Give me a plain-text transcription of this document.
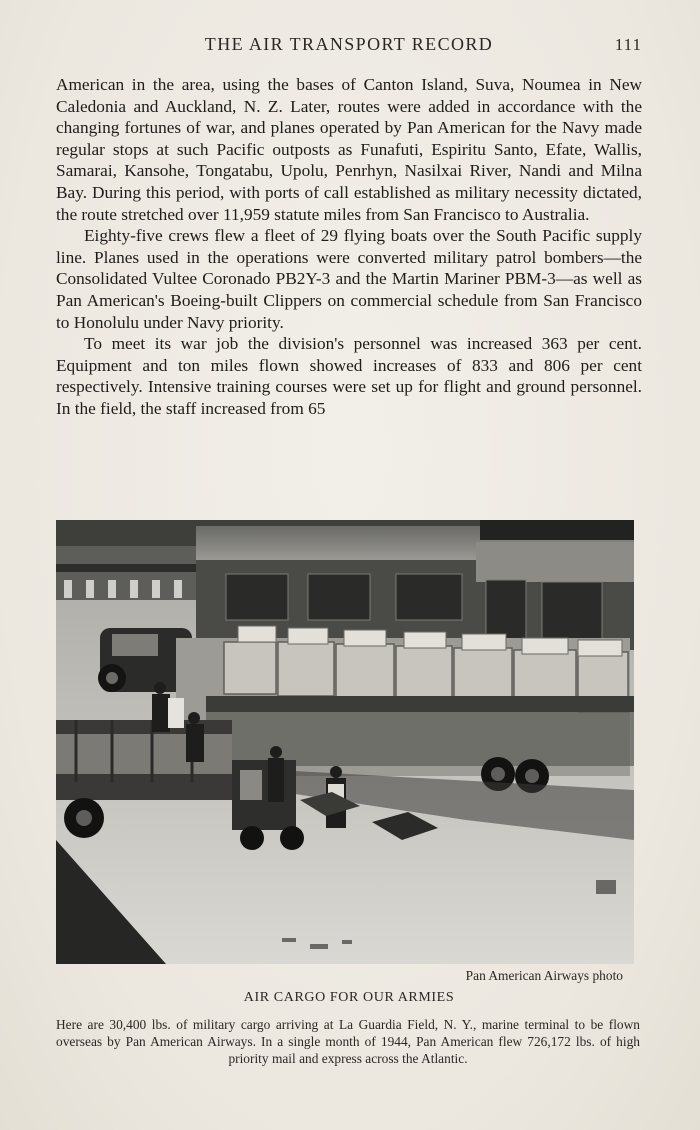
THE AIR TRANSPORT RECORD	111

American in the area, using the bases of Canton Island, Suva, Noumea in New Caledonia and Auckland, N. Z. Later, routes were added in accordance with the changing fortunes of war, and planes operated by Pan American for the Navy made regular stops at such Pacific outposts as Funafuti, Espiritu Santo, Efate, Wallis, Samarai, Kansohe, Tongatabu, Upolu, Penrhyn, Nasilxai River, Nandi and Milna Bay. During this period, with ports of call established as military necessity dictated, the route stretched over 11,959 statute miles from San Francisco to Australia.

Eighty-five crews flew a fleet of 29 flying boats over the South Pacific supply line. Planes used in the operations were converted military patrol bombers—the Consolidated Vultee Coronado PB2Y-3 and the Martin Mariner PBM-3—as well as Pan American's Boeing-built Clippers on commercial schedule from San Francisco to Honolulu under Navy priority.

To meet its war job the division's personnel was increased 363 per cent. Equipment and ton miles flown showed increases of 833 and 806 per cent respectively. Intensive training courses were set up for flight and ground personnel. In the field, the staff increased from 65

Pan American Airways photo
AIR CARGO FOR OUR ARMIES
Here are 30,400 lbs. of military cargo arriving at La Guardia Field, N. Y., marine terminal to be flown overseas by Pan American Airways. In a single month of 1944, Pan American flew 726,172 lbs. of high priority mail and express across the Atlantic.
